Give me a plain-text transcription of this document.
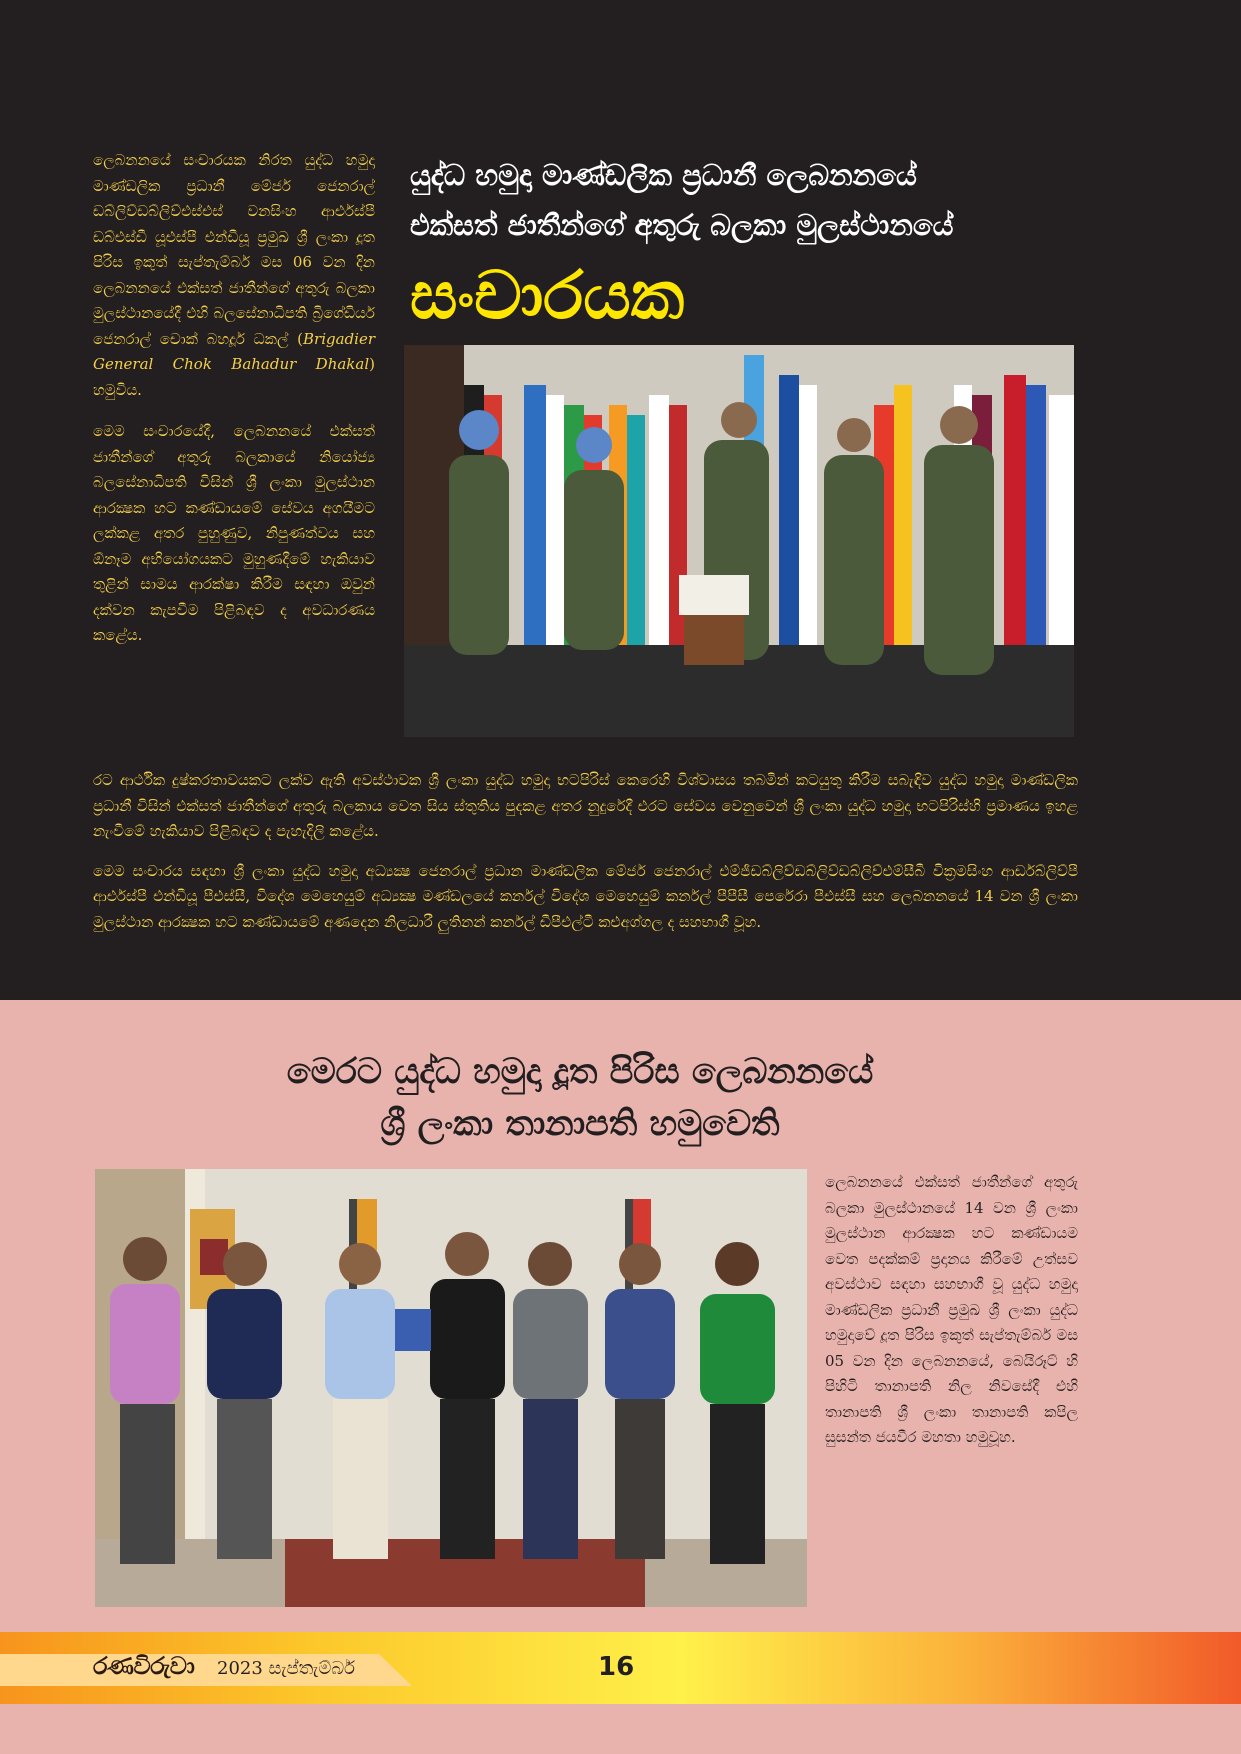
ලෙබනනයේ සංචාරයක නිරත යුද්ධ හමුදා මාණ්ඩලික ප්‍රධානී මේජර් ජෙනරාල් ඩබ්ලිව්ඩබ්ලිව්එස්එස් වනසිංහ ආර්එස්පී ඩබ්එස්ඩී යූඑස්පී එන්ඩීයූ ප්‍රමුඛ ශ්‍රී ලංකා දූත පිරිස ඉකුත් සැප්තැම්බර් මස 06 වන දින ලෙබනනයේ එක්සත් ජාතීන්ගේ අතුරු බලකා මුලස්ථානයේදී එහි බලසේනාධිපති බ්‍රිගේඩියර් ජෙනරාල් චොක් බහදූර් ධකල් (Brigadier General Chok Bahadur Dhakal) හමුවිය.

මෙම සංචාරයේදී, ලෙබනනයේ එක්සත් ජාතීන්ගේ අතුරු බලකායේ නියෝජ්‍ය බලසේනාධිපති විසින් ශ්‍රී ලංකා මුලස්ථාන ආරක්‍ෂක හට කණ්ඩායමේ සේවය අගයීමට ලක්කළ අතර පුහුණුව, නිපුණත්වය සහ ඕනෑම අභියෝගයකට මුහුණදීමේ හැකියාව තුළින් සාමය ආරක්ෂා කිරීම සඳහා ඔවුන් දක්වන කැපවීම පිළිබඳව ද අවධාරණය කළේය.

යුද්ධ හමුදා මාණ්ඩලික ප්‍රධානී ලෙබනනයේ
එක්සත් ජාතීන්ගේ අතුරු බලකා මුලස්ථානයේ
සංචාරයක

රට ආර්ථික දුෂ්කරතාවයකට ලක්ව ඇති අවස්ථාවක ශ්‍රී ලංකා යුද්ධ හමුදා භටපිරිස් කෙරෙහි විශ්වාසය තබමින් කටයුතු කිරීම සබැඳිව යුද්ධ හමුදා මාණ්ඩලික ප්‍රධානී විසින් එක්සත් ජාතීන්ගේ අතුරු බලකාය වෙත සිය ස්තුතිය පුදකළ අතර නුදුරේදී එරට සේවය වෙනුවෙන් ශ්‍රී ලංකා යුද්ධ හමුදා භටපිරිස්හි ප්‍රමාණය ඉහළ නැංවීමේ හැකියාව පිළිබඳව ද පැහැදිලි කළේය.

මෙම සංචාරය සඳහා ශ්‍රී ලංකා යුද්ධ හමුදා අධ්‍යක්‍ෂ ජෙනරාල් ප්‍රධාන මාණ්ඩලික මේජර් ජෙනරාල් එම්ජීඩබ්ලිව්ඩබ්ලිව්ඩබ්ලිව්එම්සීබී වික්‍රමසිංහ ආර්ඩබ්ලිව්පී ආර්එස්පී එන්ඩීයූ පීඑස්සී, විදේශ මෙහෙයුම් අධ්‍යක්‍ෂ මණ්ඩලයේ කර්නල් විදේශ මෙහෙයුම් කර්නල් පීපීසී පෙරේරා පීඑස්සී සහ ලෙබනනයේ 14 වන ශ්‍රී ලංකා මුලස්ථාන ආරක්‍ෂක හට කණ්ඩායමේ අණදෙන නිලධාරී ලුතිනන් කර්නල් ඩීපීඑල්ටී කළුඅග්ගල ද සහභාගී වූහ.

මෙරට යුද්ධ හමුදා දූත පිරිස ලෙබනනයේ
ශ්‍රී ලංකා තානාපති හමුවෙති

ලෙබනනයේ එක්සත් ජාතීන්ගේ අතුරු බලකා මුලස්ථානයේ 14 වන ශ්‍රී ලංකා මුලස්ථාන ආරක්‍ෂක හට කණ්ඩායම වෙත පදක්කම් ප්‍රදානය කිරීමේ උත්සව අවස්ථාව සඳහා සහභාගී වූ යුද්ධ හමුදා මාණ්ඩලික ප්‍රධානී ප්‍රමුඛ ශ්‍රී ලංකා යුද්ධ හමුදාවේ දූත පිරිස ඉකුත් සැප්තැම්බර් මස 05 වන දින ලෙබනනයේ, බෙයිරූට් හි පිහිටි තානාපති නිල නිවසේදී එහි තානාපති ශ්‍රී ලංකා තානාපති කපිල සුසන්ත ජයවීර මහතා හමුවූහ.

රණවිරුවා 2023 සැප්තැම්බර්	16
